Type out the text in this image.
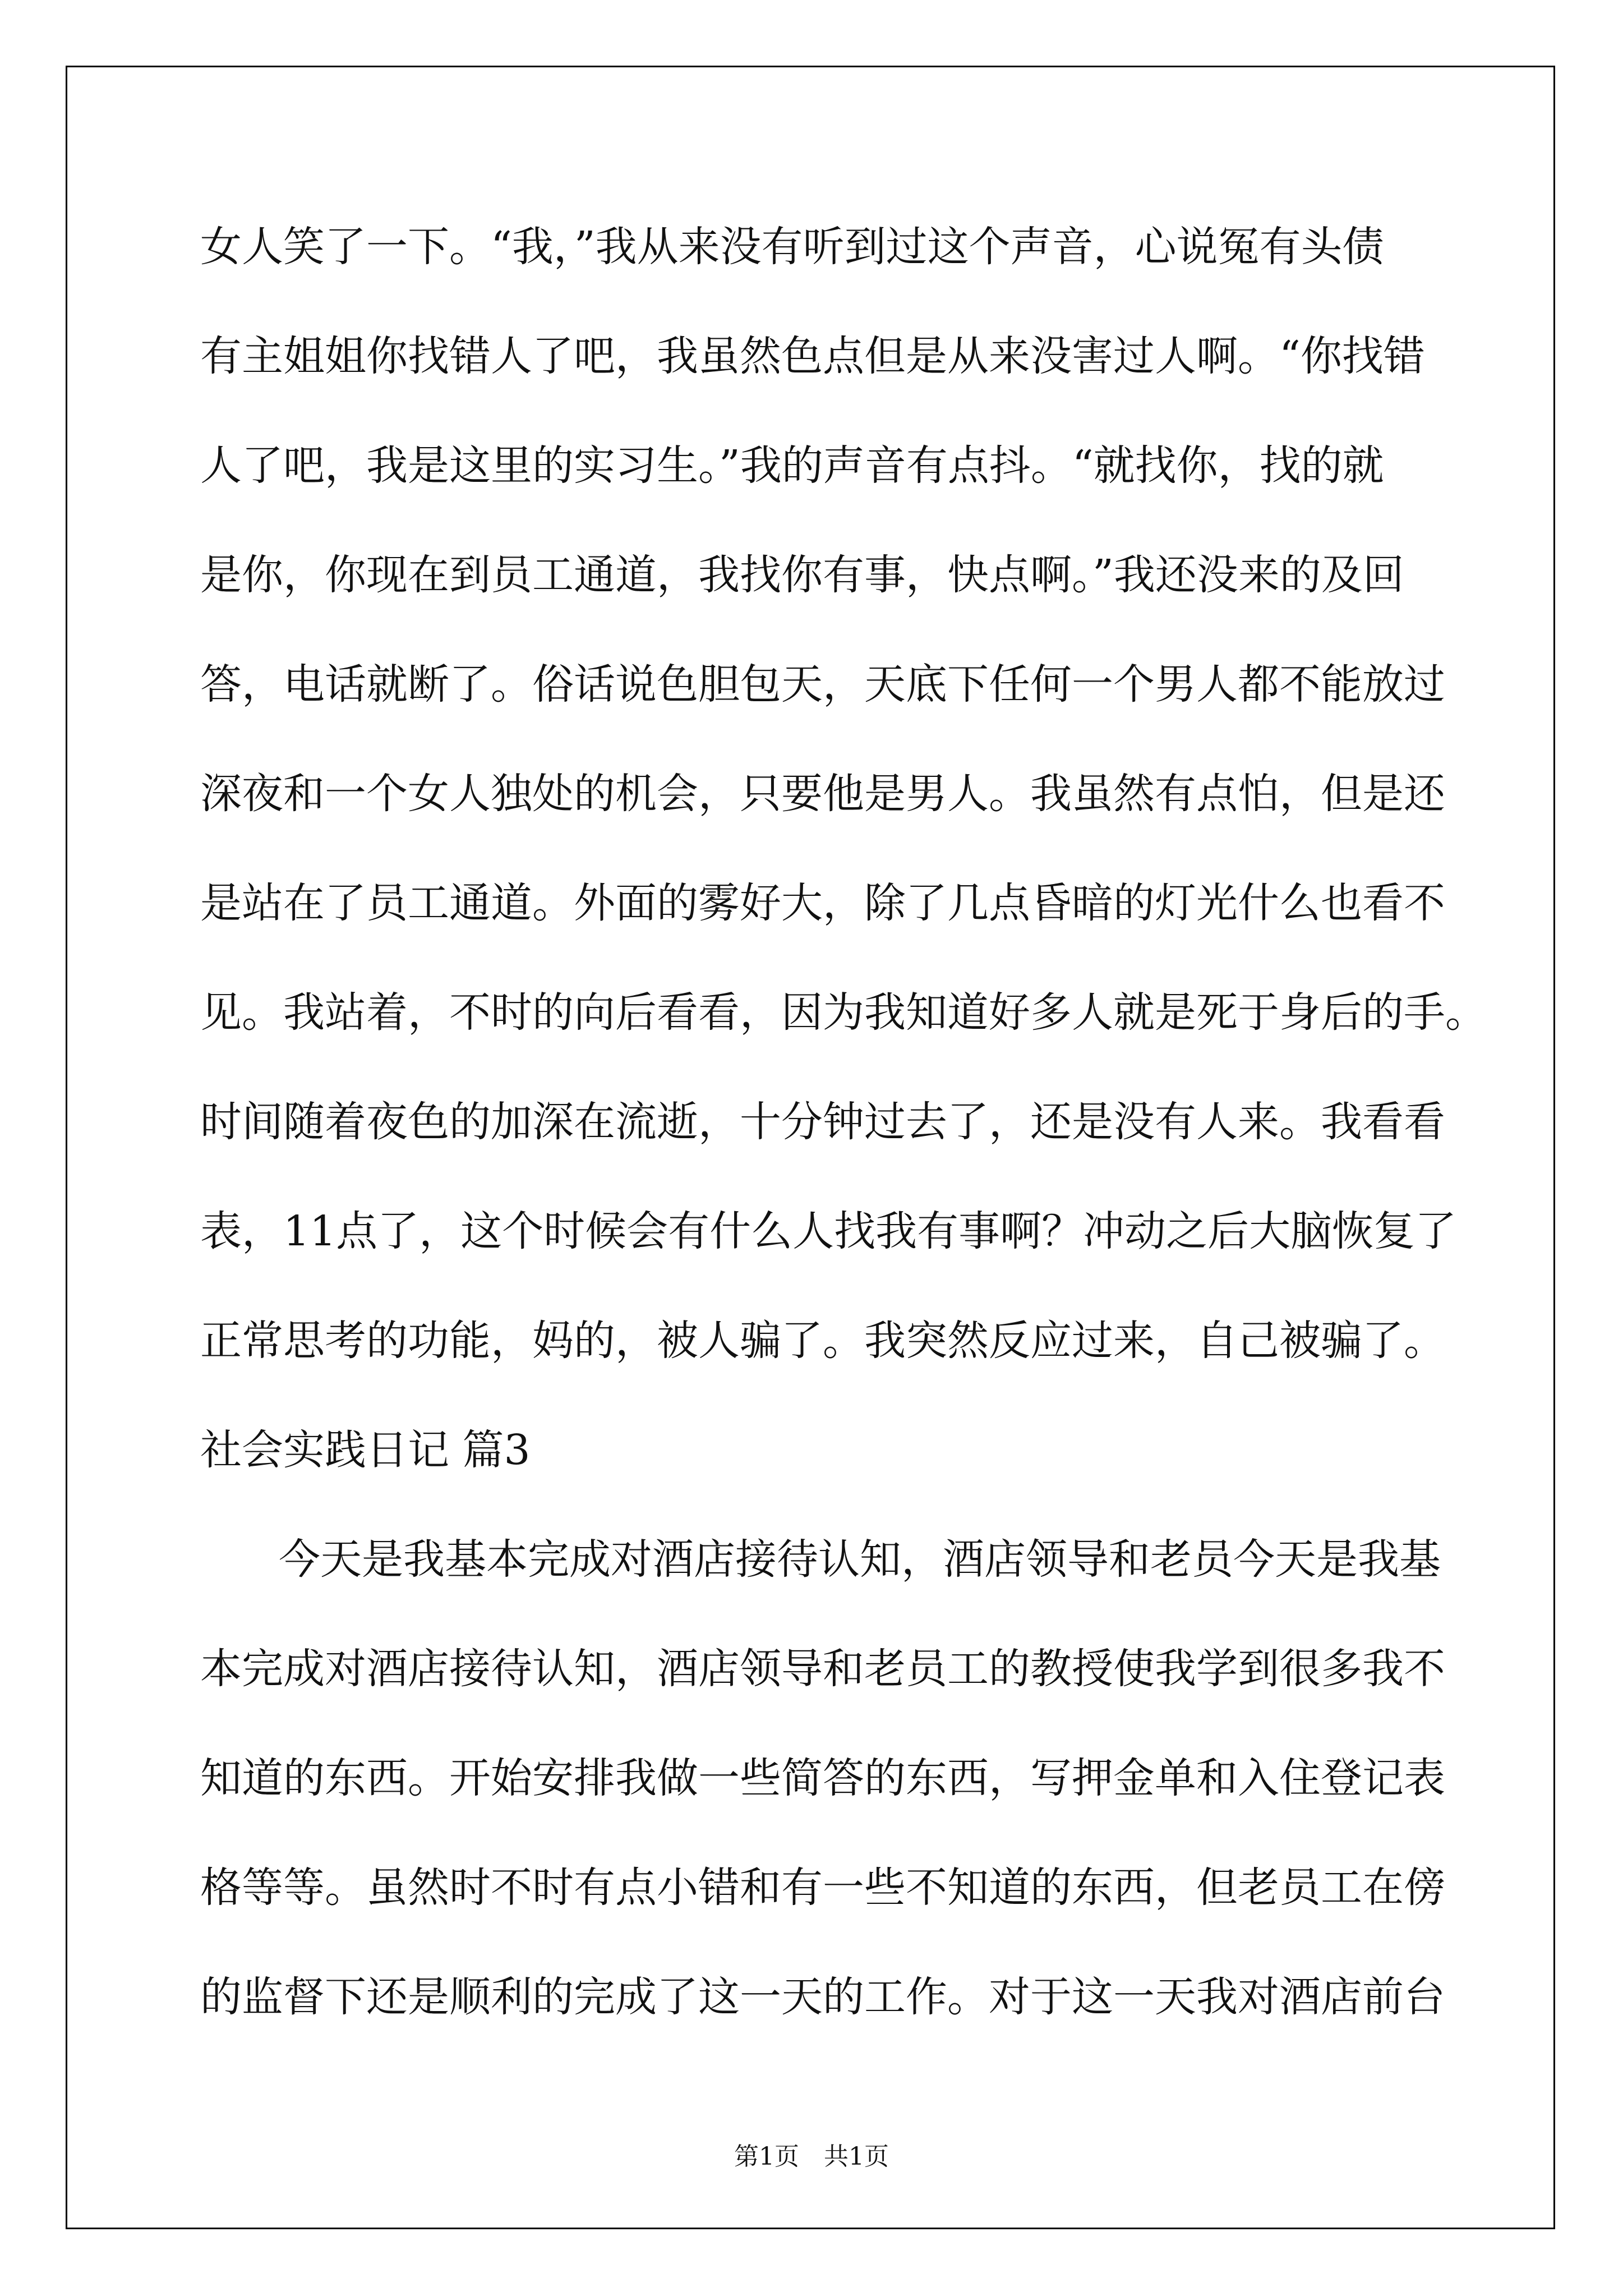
女人笑了一下。“我，”我从来没有听到过这个声音，心说冤有头债

有主姐姐你找错人了吧，我虽然色点但是从来没害过人啊。“你找错

人了吧，我是这里的实习生。”我的声音有点抖。“就找你，找的就

是你，你现在到员工通道，我找你有事，快点啊。”我还没来的及回

答，电话就断了。俗话说色胆包天，天底下任何一个男人都不能放过

深夜和一个女人独处的机会，只要他是男人。我虽然有点怕，但是还

是站在了员工通道。外面的雾好大，除了几点昏暗的灯光什么也看不

见。我站着，不时的向后看看，因为我知道好多人就是死于身后的手。

时间随着夜色的加深在流逝，十分钟过去了，还是没有人来。我看看

表，11点了，这个时候会有什么人找我有事啊？冲动之后大脑恢复了

正常思考的功能，妈的，被人骗了。我突然反应过来，自己被骗了。

社会实践日记 篇3

今天是我基本完成对酒店接待认知，酒店领导和老员今天是我基

本完成对酒店接待认知，酒店领导和老员工的教授使我学到很多我不

知道的东西。开始安排我做一些简答的东西，写押金单和入住登记表

格等等。虽然时不时有点小错和有一些不知道的东西，但老员工在傍

的监督下还是顺利的完成了这一天的工作。对于这一天我对酒店前台

第1页　共1页
